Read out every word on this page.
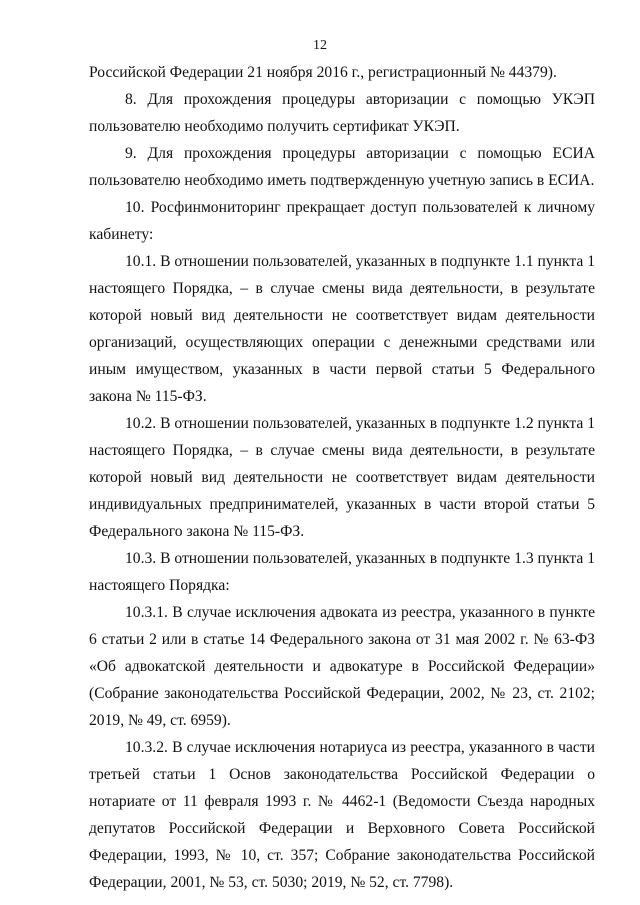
12

Российской Федерации 21 ноября 2016 г., регистрационный № 44379).

8. Для прохождения процедуры авторизации с помощью УКЭП пользователю необходимо получить сертификат УКЭП.

9. Для прохождения процедуры авторизации с помощью ЕСИА пользователю необходимо иметь подтвержденную учетную запись в ЕСИА.

10. Росфинмониторинг прекращает доступ пользователей к личному кабинету:

10.1. В отношении пользователей, указанных в подпункте 1.1 пункта 1 настоящего Порядка, – в случае смены вида деятельности, в результате которой новый вид деятельности не соответствует видам деятельности организаций, осуществляющих операции с денежными средствами или иным имуществом, указанных в части первой статьи 5 Федерального закона № 115-ФЗ.

10.2. В отношении пользователей, указанных в подпункте 1.2 пункта 1 настоящего Порядка, – в случае смены вида деятельности, в результате которой новый вид деятельности не соответствует видам деятельности индивидуальных предпринимателей, указанных в части второй статьи 5 Федерального закона № 115-ФЗ.

10.3. В отношении пользователей, указанных в подпункте 1.3 пункта 1 настоящего Порядка:

10.3.1. В случае исключения адвоката из реестра, указанного в пункте 6 статьи 2 или в статье 14 Федерального закона от 31 мая 2002 г. № 63-ФЗ «Об адвокатской деятельности и адвокатуре в Российской Федерации» (Собрание законодательства Российской Федерации, 2002, № 23, ст. 2102; 2019, № 49, ст. 6959).

10.3.2. В случае исключения нотариуса из реестра, указанного в части третьей статьи 1 Основ законодательства Российской Федерации о нотариате от 11 февраля 1993 г. № 4462-1 (Ведомости Съезда народных депутатов Российской Федерации и Верховного Совета Российской Федерации, 1993, № 10, ст. 357; Собрание законодательства Российской Федерации, 2001, № 53, ст. 5030; 2019, № 52, ст. 7798).
